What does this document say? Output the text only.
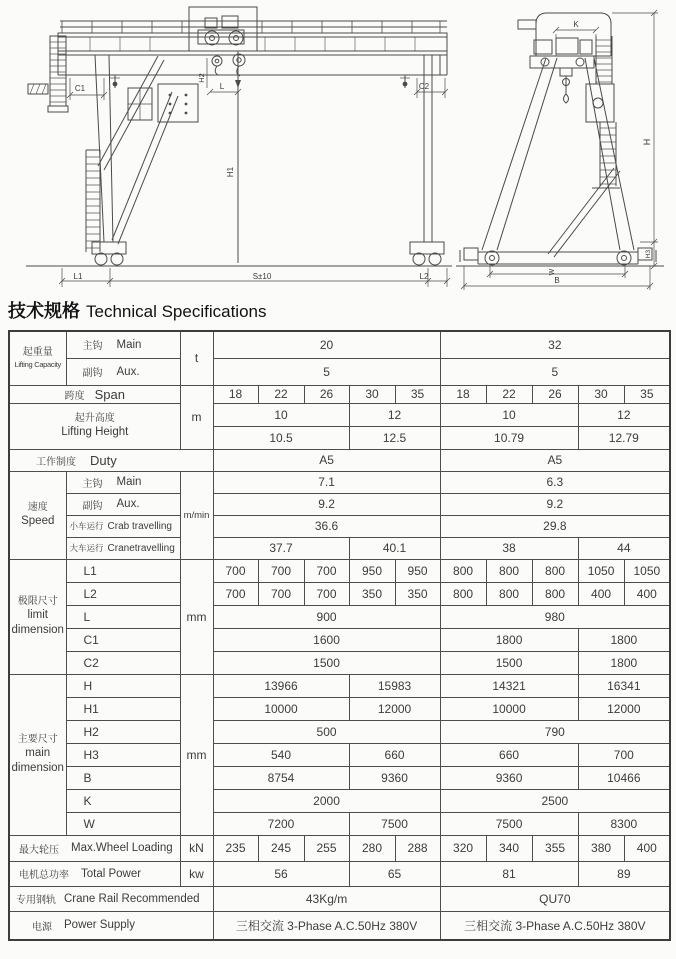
C1	C2
H2
L
H1
L1	S±10	L2
K
H
H3
W
B
技术规格 Technical Specifications
起重量
Lifting Capacity	主钩 Main	t	20					32				

	副钩 Aux.		5					5				

跨度 Span		m	18	22	26	30	35	18	22	26	30	35

起升高度
Lifting Height			10			12		10			12	
			10.5			12.5		10.79			12.79	

工作制度 Duty			A5					A5				

速度
Speed	主钩 Main	m/min	7.1					6.3				

	副钩 Aux.		9.2					9.2				

	小车运行 Crab travelling		36.6					29.8				

	大车运行 Cranetravelling		37.7			40.1		38			44	

极限尺寸
limit
dimension	L1	mm	700	700	700	950	950	800	800	800	1050	1050

L2		700	700	700	350	350	800	800	800	400	400

L		900					980				

C1		1600					1800			1800	

C2		1500					1500			1800	

主要尺寸
main
dimension	H	mm	13966			15983		14321			16341	

H1		10000			12000		10000			12000	

H2		500					790				

H3		540			660		660			700	

B		8754			9360		9360			10466	

K		2000					2500				

W		7200			7500		7500			8300	

最大轮压 Max.Wheel Loading		kN	235	245	255	280	288	320	340	355	380	400

电机总功率 Total Power		kw	56			65		81			89	

专用钢轨 Crane Rail Recommended			43Kg/m					QU70				

电源 Power Supply			三相交流 3-Phase A.C.50Hz 380V					三相交流 3-Phase A.C.50Hz 380V				
